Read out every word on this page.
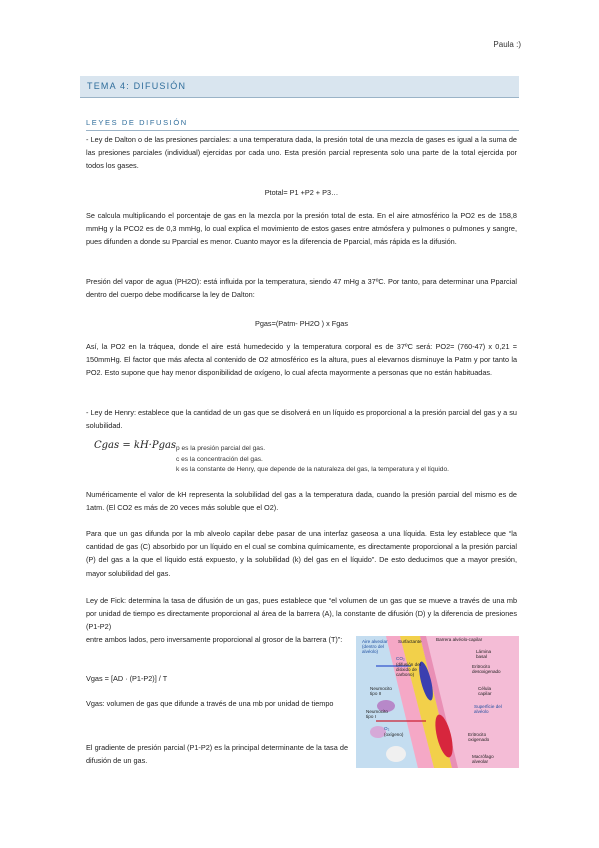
Paula :)
TEMA 4: DIFUSIÓN
LEYES DE DIFUSIÓN
- Ley de Dalton o de las presiones parciales: a una temperatura dada, la presión total de una mezcla de gases es igual a la suma de las presiones parciales (individual) ejercidas por cada uno. Esta presión parcial representa solo una parte de la total ejercida por todos los gases.
Ptotal= P1 +P2 + P3…
Se calcula multiplicando el porcentaje de gas en la mezcla por la presión total de esta. En el aire atmosférico la PO2 es de 158,8 mmHg y la PCO2 es de 0,3 mmHg, lo cual explica el movimiento de estos gases entre atmósfera y pulmones o pulmones y sangre, pues difunden a donde su Pparcial es menor. Cuanto mayor es la diferencia de Pparcial, más rápida es la difusión.
Presión del vapor de agua (PH2O): está influida por la temperatura, siendo 47 mHg a 37ºC. Por tanto, para determinar una Pparcial dentro del cuerpo debe modificarse la ley de Dalton:
Pgas=(Patm- PH2O ) x Fgas
Así, la PO2 en la tráquea, donde el aire está humedecido y la temperatura corporal es de 37ºC será: PO2= (760-47) x 0,21 = 150mmHg. El factor que más afecta al contenido de O2 atmosférico es la altura, pues al elevarnos disminuye la Patm y por tanto la PO2. Esto supone que hay menor disponibilidad de oxígeno, lo cual afecta mayormente a personas que no están habituadas.
- Ley de Henry: establece que la cantidad de un gas que se disolverá en un líquido es proporcional a la presión parcial del gas y a su solubilidad.
Cgas = kH·Pgas p es la presión parcial del gas.
c es la concentración del gas.
k es la constante de Henry, que depende de la naturaleza del gas, la temperatura y el líquido.
Numéricamente el valor de kH representa la solubilidad del gas a la temperatura dada, cuando la presión parcial del mismo es de 1atm. (El CO2 es más de 20 veces más soluble que el O2).
Para que un gas difunda por la mb alveolo capilar debe pasar de una interfaz gaseosa a una líquida. Esta ley establece que “la cantidad de gas (C) absorbido por un líquido en el cual se combina químicamente, es directamente proporcional a la presión parcial (P) del gas a la que el líquido está expuesto, y la solubilidad (k) del gas en el líquido”. De esto deducimos que a mayor presión, mayor solubilidad del gas.
Ley de Fick: determina la tasa de difusión de un gas, pues establece que “el volumen de un gas que se mueve a través de una mb por unidad de tiempo es directamente proporcional al área de la barrera (A), la constante de difusión (D) y la diferencia de presiones (P1-P2)
entre ambos lados, pero inversamente proporcional al grosor de la barrera (T)”:
Vgas = [AD · (P1-P2)] / T
Vgas: volumen de gas que difunde a través de una mb por unidad de tiempo
El gradiente de presión parcial (P1-P2) es la principal determinante de la tasa de difusión de un gas.
Aire alveolar (dentro del alvéolo)
Surfactante	Barrera alvéolo-capilar
Lámina basal
CO₂
(difusión del dióxido de carbono)
Eritrocito desoxigenado
Neumocito tipo II
Célula capilar
Neumocito tipo I
Superficie del alvéolo
O₂
(oxígeno)	Eritrocito oxigenado
Macrófago alveolar
